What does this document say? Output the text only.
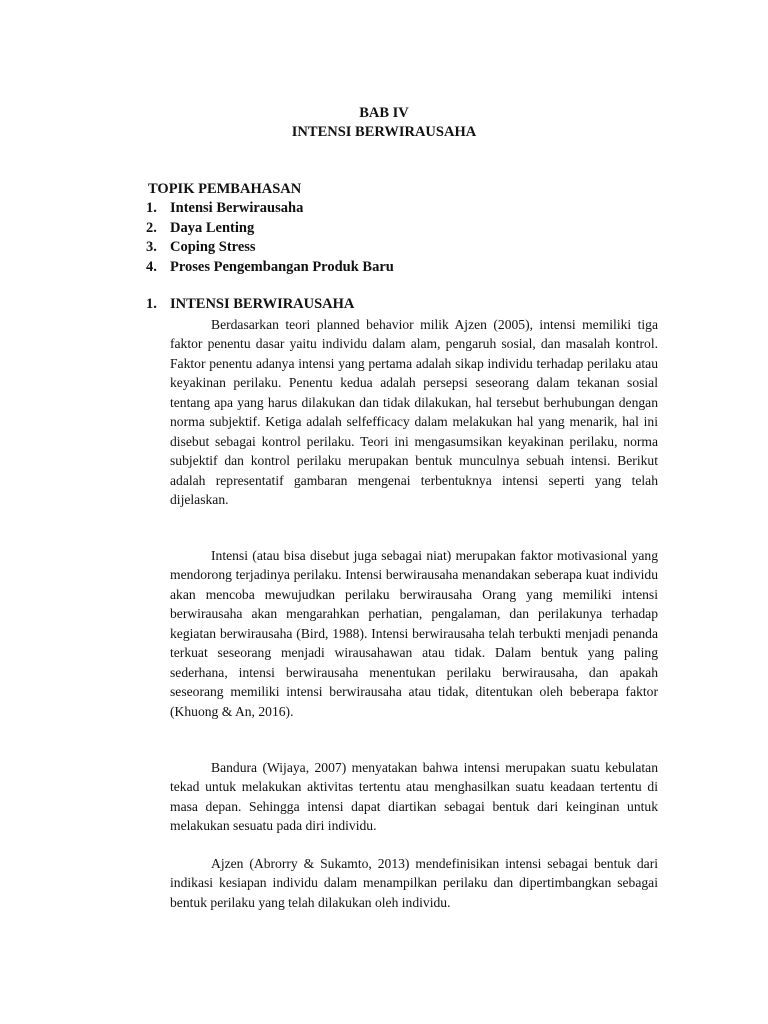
BAB IV
INTENSI BERWIRAUSAHA
TOPIK PEMBAHASAN
1. Intensi Berwirausaha
2. Daya Lenting
3. Coping Stress
4. Proses Pengembangan Produk Baru
1. INTENSI BERWIRAUSAHA

Berdasarkan teori planned behavior milik Ajzen (2005), intensi memiliki tiga faktor penentu dasar yaitu individu dalam alam, pengaruh sosial, dan masalah kontrol. Faktor penentu adanya intensi yang pertama adalah sikap individu terhadap perilaku atau keyakinan perilaku. Penentu kedua adalah persepsi seseorang dalam tekanan sosial tentang apa yang harus dilakukan dan tidak dilakukan, hal tersebut berhubungan dengan norma subjektif. Ketiga adalah selfefficacy dalam melakukan hal yang menarik, hal ini disebut sebagai kontrol perilaku. Teori ini mengasumsikan keyakinan perilaku, norma subjektif dan kontrol perilaku merupakan bentuk munculnya sebuah intensi. Berikut adalah representatif gambaran mengenai terbentuknya intensi seperti yang telah dijelaskan.

Intensi (atau bisa disebut juga sebagai niat) merupakan faktor motivasional yang mendorong terjadinya perilaku. Intensi berwirausaha menandakan seberapa kuat individu akan mencoba mewujudkan perilaku berwirausaha Orang yang memiliki intensi berwirausaha akan mengarahkan perhatian, pengalaman, dan perilakunya terhadap kegiatan berwirausaha (Bird, 1988). Intensi berwirausaha telah terbukti menjadi penanda terkuat seseorang menjadi wirausahawan atau tidak. Dalam bentuk yang paling sederhana, intensi berwirausaha menentukan perilaku berwirausaha, dan apakah seseorang memiliki intensi berwirausaha atau tidak, ditentukan oleh beberapa faktor (Khuong & An, 2016).

Bandura (Wijaya, 2007) menyatakan bahwa intensi merupakan suatu kebulatan tekad untuk melakukan aktivitas tertentu atau menghasilkan suatu keadaan tertentu di masa depan. Sehingga intensi dapat diartikan sebagai bentuk dari keinginan untuk melakukan sesuatu pada diri individu.

Ajzen (Abrorry & Sukamto, 2013) mendefinisikan intensi sebagai bentuk dari indikasi kesiapan individu dalam menampilkan perilaku dan dipertimbangkan sebagai bentuk perilaku yang telah dilakukan oleh individu.
